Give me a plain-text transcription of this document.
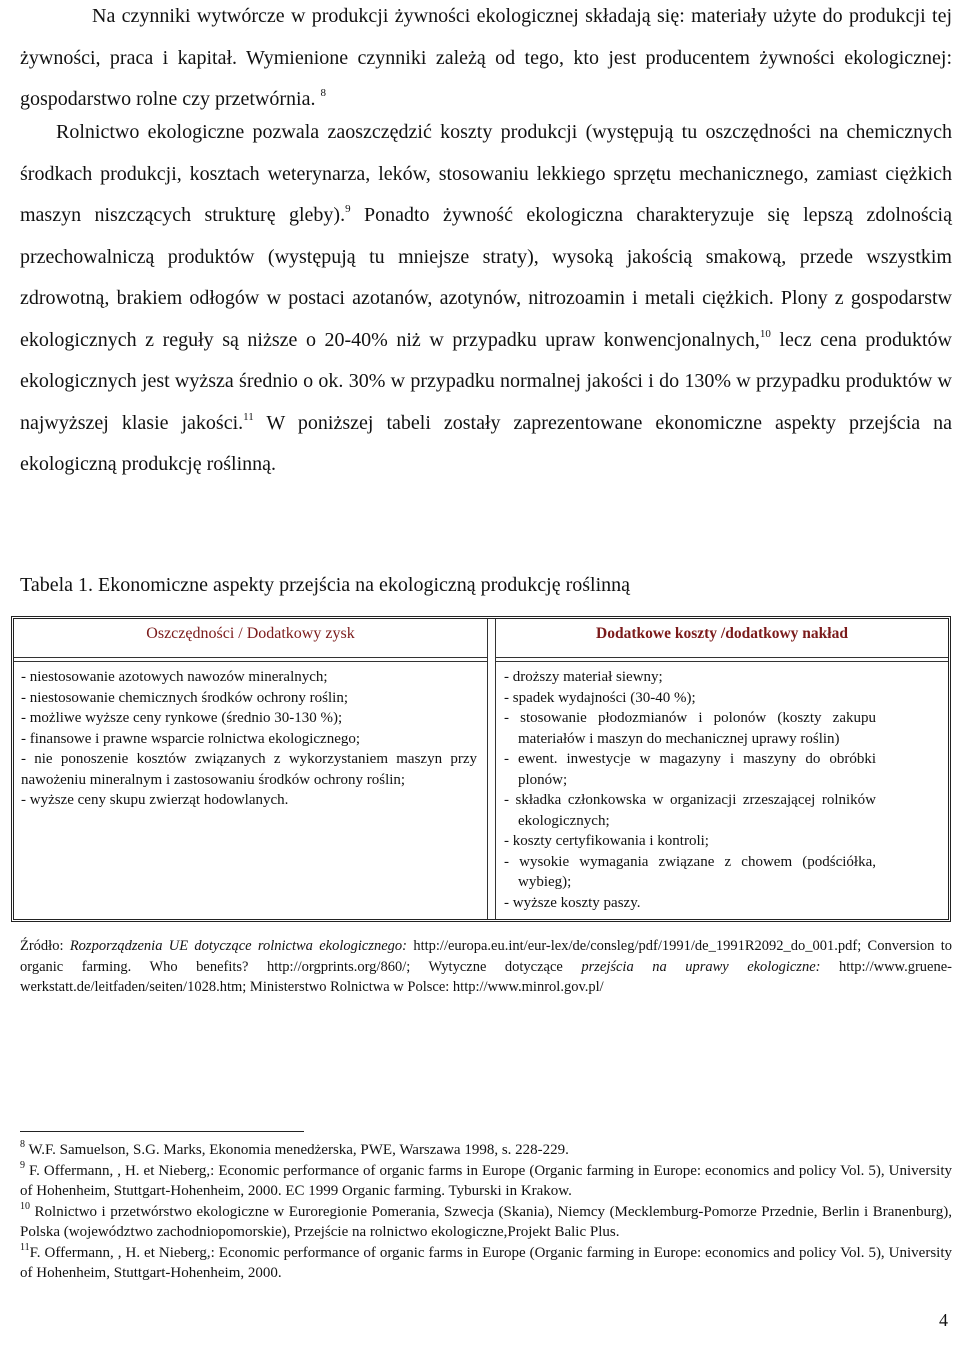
Na czynniki wytwórcze w produkcji żywności ekologicznej składają się: materiały użyte do produkcji tej żywności, praca i kapitał. Wymienione czynniki zależą od tego, kto jest producentem żywności ekologicznej: gospodarstwo rolne czy przetwórnia. $^8$

Rolnictwo ekologiczne pozwala zaoszczędzić koszty produkcji (występują tu oszczędności na chemicznych środkach produkcji, kosztach weterynarza, leków, stosowaniu lekkiego sprzętu mechanicznego, zamiast ciężkich maszyn niszczących strukturę gleby).$^9$ Ponadto żywność ekologiczna charakteryzuje się lepszą zdolnością przechowalniczą produktów (występują tu mniejsze straty), wysoką jakością smakową, przede wszystkim zdrowotną, brakiem odłogów w postaci azotanów, azotynów, nitrozoamin i metali ciężkich. Plony z gospodarstw ekologicznych z reguły są niższe o 20-40% niż w przypadku upraw konwencjonalnych,$^{10}$ lecz cena produktów ekologicznych jest wyższa średnio o ok. 30% w przypadku normalnej jakości i do 130% w przypadku produktów w najwyższej klasie jakości.$^{11}$ W poniższej tabeli zostały zaprezentowane ekonomiczne aspekty przejścia na ekologiczną produkcję roślinną.

Tabela 1. Ekonomiczne aspekty przejścia na ekologiczną produkcję roślinną
Oszczędności / Dodatkowy zysk	Dodatkowe koszty /dodatkowy nakład
- niestosowanie azotowych nawozów mineralnych;
- niestosowanie chemicznych środków ochrony roślin;
- możliwe wyższe ceny rynkowe (średnio 30-130 %);
- finansowe i prawne wsparcie rolnictwa ekologicznego;
- nie ponoszenie kosztów związanych z wykorzystaniem maszyn przy nawożeniu mineralnym i zastosowaniu środków ochrony roślin;
- wyższe ceny skupu zwierząt hodowlanych.
- droższy materiał siewny;
- spadek wydajności (30-40 %);
- stosowanie płodozmianów i polonów (koszty zakupu materiałów i maszyn do mechanicznej uprawy roślin)
- ewent. inwestycje w magazyny i maszyny do obróbki plonów;
- składka członkowska w organizacji zrzeszającej rolników ekologicznych;
- koszty certyfikowania i kontroli;
- wysokie wymagania związane z chowem (podściółka, wybieg);
- wyższe koszty paszy.

Źródło: Rozporządzenia UE dotyczące rolnictwa ekologicznego: http://europa.eu.int/eur-lex/de/consleg/pdf/1991/de_1991R2092_do_001.pdf; Conversion to organic farming. Who benefits? http://orgprints.org/860/; Wytyczne dotyczące przejścia na uprawy ekologiczne: http://www.gruene-werkstatt.de/leitfaden/seiten/1028.htm; Ministerstwo Rolnictwa w Polsce: http://www.minrol.gov.pl/

$^8$ W.F. Samuelson, S.G. Marks, Ekonomia menedżerska, PWE, Warszawa 1998, s. 228-229.
$^9$ F. Offermann, , H. et Nieberg,: Economic performance of organic farms in Europe (Organic farming in Europe: economics and policy Vol. 5), University of Hohenheim, Stuttgart-Hohenheim, 2000. EC 1999 Organic farming. Tyburski in Krakow.
$^{10}$ Rolnictwo i przetwórstwo ekologiczne w Euroregionie Pomerania, Szwecja (Skania), Niemcy (Mecklemburg-Pomorze Przednie, Berlin i Branenburg), Polska (województwo zachodniopomorskie), Przejście na rolnictwo ekologiczne,Projekt Balic Plus.
$^{11}$F. Offermann, , H. et Nieberg,: Economic performance of organic farms in Europe (Organic farming in Europe: economics and policy Vol. 5), University of Hohenheim, Stuttgart-Hohenheim, 2000.
4
